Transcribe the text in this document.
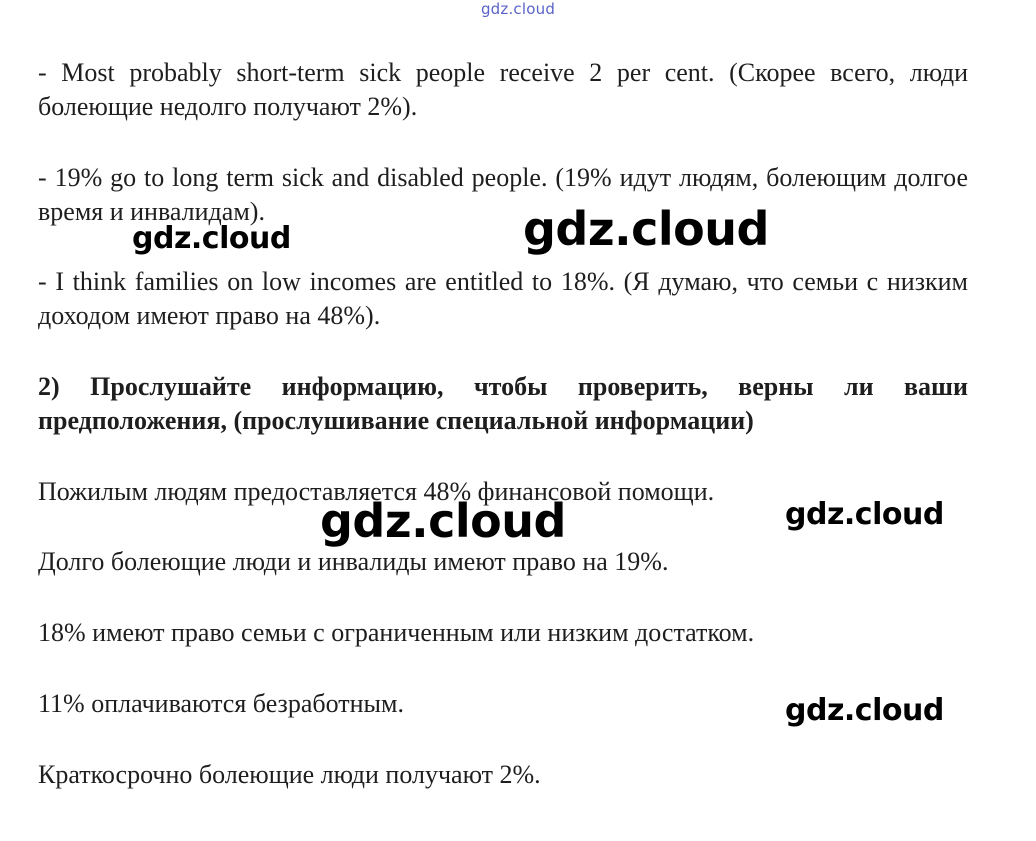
gdz.cloud

- Most probably short-term sick people receive 2 per cent. (Скорее всего, люди болеющие недолго получают 2%).

- 19% go to long term sick and disabled people. (19% идут людям, болеющим долгое время и инвалидам).

- I think families on low incomes are entitled to 18%. (Я думаю, что семьи с низким доходом имеют право на 48%).

2) Прослушайте информацию, чтобы проверить, верны ли ваши предположения, (прослушивание специальной информации)

Пожилым людям предоставляется 48% финансовой помощи.

Долго болеющие люди и инвалиды имеют право на 19%.

18% имеют право семьи с ограниченным или низким достатком.

11% оплачиваются безработным.

Краткосрочно болеющие люди получают 2%.

gdz.cloud	gdz.cloud
gdz.cloud	gdz.cloud
gdz.cloud
